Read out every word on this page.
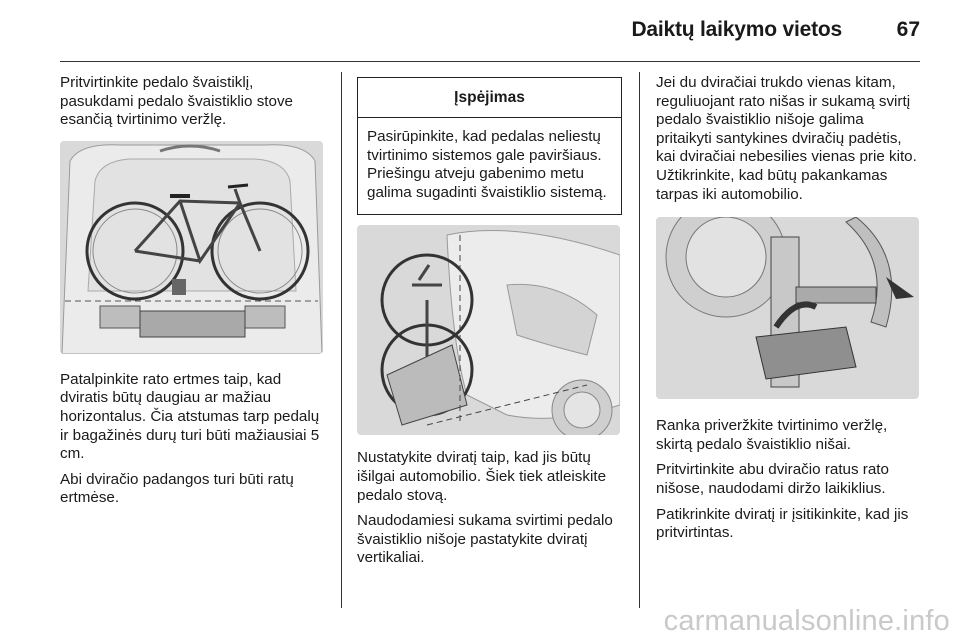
Daiktų laikymo vietos	67

Pritvirtinkite pedalo švaistiklį, pasukdami pedalo švaistiklio stove esančią tvirtinimo veržlę.

Patalpinkite rato ertmes taip, kad dviratis būtų daugiau ar mažiau horizontalus. Čia atstumas tarp pedalų ir bagažinės durų turi būti mažiausiai 5 cm.

Abi dviračio padangos turi būti ratų ertmėse.

Įspėjimas
Pasirūpinkite, kad pedalas neliestų tvirtinimo sistemos gale paviršiaus. Priešingu atveju gabenimo metu galima sugadinti švaistiklio sistemą.

Nustatykite dviratį taip, kad jis būtų išilgai automobilio. Šiek tiek atleiskite pedalo stovą.

Naudodamiesi sukama svirtimi pedalo švaistiklio nišoje pastatykite dviratį vertikaliai.

Jei du dviračiai trukdo vienas kitam, reguliuojant rato nišas ir sukamą svirtį pedalo švaistiklio nišoje galima pritaikyti santykines dviračių padėtis, kai dviračiai nebesilies vienas prie kito. Užtikrinkite, kad būtų pakankamas tarpas iki automobilio.

Ranka priveržkite tvirtinimo veržlę, skirtą pedalo švaistiklio nišai.

Pritvirtinkite abu dviračio ratus rato nišose, naudodami diržo laikiklius.

Patikrinkite dviratį ir įsitikinkite, kad jis pritvirtintas.

carmanualsonline.info
